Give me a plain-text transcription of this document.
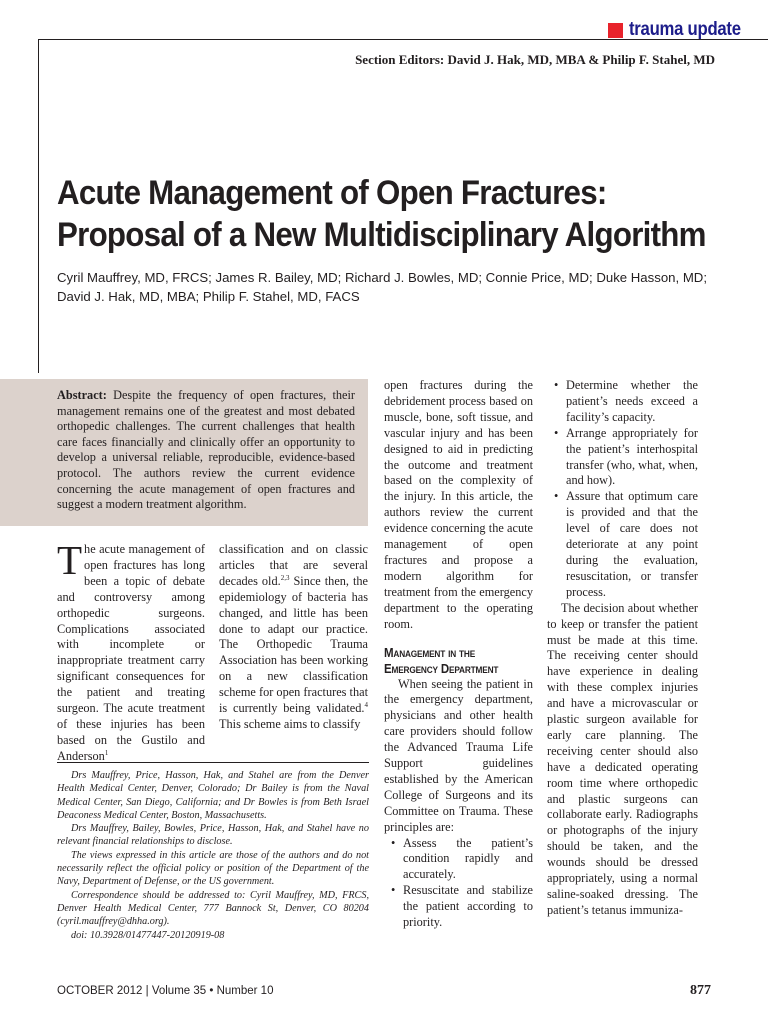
trauma update
Section Editors: David J. Hak, MD, MBA & Philip F. Stahel, MD
Acute Management of Open Fractures:
Proposal of a New Multidisciplinary Algorithm
Cyril Mauffrey, MD, FRCS; James R. Bailey, MD; Richard J. Bowles, MD; Connie Price, MD; Duke Hasson, MD;
David J. Hak, MD, MBA; Philip F. Stahel, MD, FACS
Abstract: Despite the frequency of open fractures, their management remains one of the greatest and most debated orthopedic challenges. The current challenges that health care faces financially and clinically offer an opportunity to develop a universal reliable, reproducible, evidence-based protocol. The authors review the current evidence concerning the acute management of open fractures and suggest a modern treatment algorithm.
The acute management of open fractures has long been a topic of debate and controversy among orthopedic surgeons. Complications associated with incomplete or inappropriate treatment carry significant consequences for the patient and treating surgeon. The acute treatment of these injuries has been based on the Gustilo and Anderson$^1$
classification and on classic articles that are several decades old.$^{2,3}$ Since then, the epidemiology of bacteria has changed, and little has been done to adapt our practice. The Orthopedic Trauma Association has been working on a new classification scheme for open fractures that is currently being validated.$^4$ This scheme aims to classify

Drs Mauffrey, Price, Hasson, Hak, and Stahel are from the Denver Health Medical Center, Denver, Colorado; Dr Bailey is from the Naval Medical Center, San Diego, California; and Dr Bowles is from Beth Israel Deaconess Medical Center, Boston, Massachusetts.

Drs Mauffrey, Bailey, Bowles, Price, Hasson, Hak, and Stahel have no relevant financial relationships to disclose.

The views expressed in this article are those of the authors and do not necessarily reflect the official policy or position of the Department of the Navy, Department of Defense, or the US government.

Correspondence should be addressed to: Cyril Mauffrey, MD, FRCS, Denver Health Medical Center, 777 Bannock St, Denver, CO 80204 (cyril.mauffrey@dhha.org).

doi: 10.3928/01477447-20120919-08

open fractures during the debridement process based on muscle, bone, soft tissue, and vascular injury and has been designed to aid in predicting the outcome and treatment based on the complexity of the injury. In this article, the authors review the current evidence concerning the acute management of open fractures and propose a modern algorithm for treatment from the emergency department to the operating room.
Management in the
Emergency Department
When seeing the patient in the emergency department, physicians and other health care providers should follow the Advanced Trauma Life Support guidelines established by the American College of Surgeons and its Committee on Trauma. These principles are:
• Assess the patient’s condition rapidly and accurately.
• Resuscitate and stabilize the patient according to priority.
• Determine whether the patient’s needs exceed a facility’s capacity.
• Arrange appropriately for the patient’s interhospital transfer (who, what, when, and how).
• Assure that optimum care is provided and that the level of care does not deteriorate at any point during the evaluation, resuscitation, or transfer process.
The decision about whether to keep or transfer the patient must be made at this time. The receiving center should have experience in dealing with these complex injuries and have a microvascular or plastic surgeon available for early care planning. The receiving center should also have a dedicated operating room time where orthopedic and plastic surgeons can collaborate early. Radiographs or photographs of the injury should be taken, and the wounds should be dressed appropriately, using a normal saline-soaked dressing. The patient’s tetanus immuniza-
OCTOBER 2012 | Volume 35 • Number 10	877
